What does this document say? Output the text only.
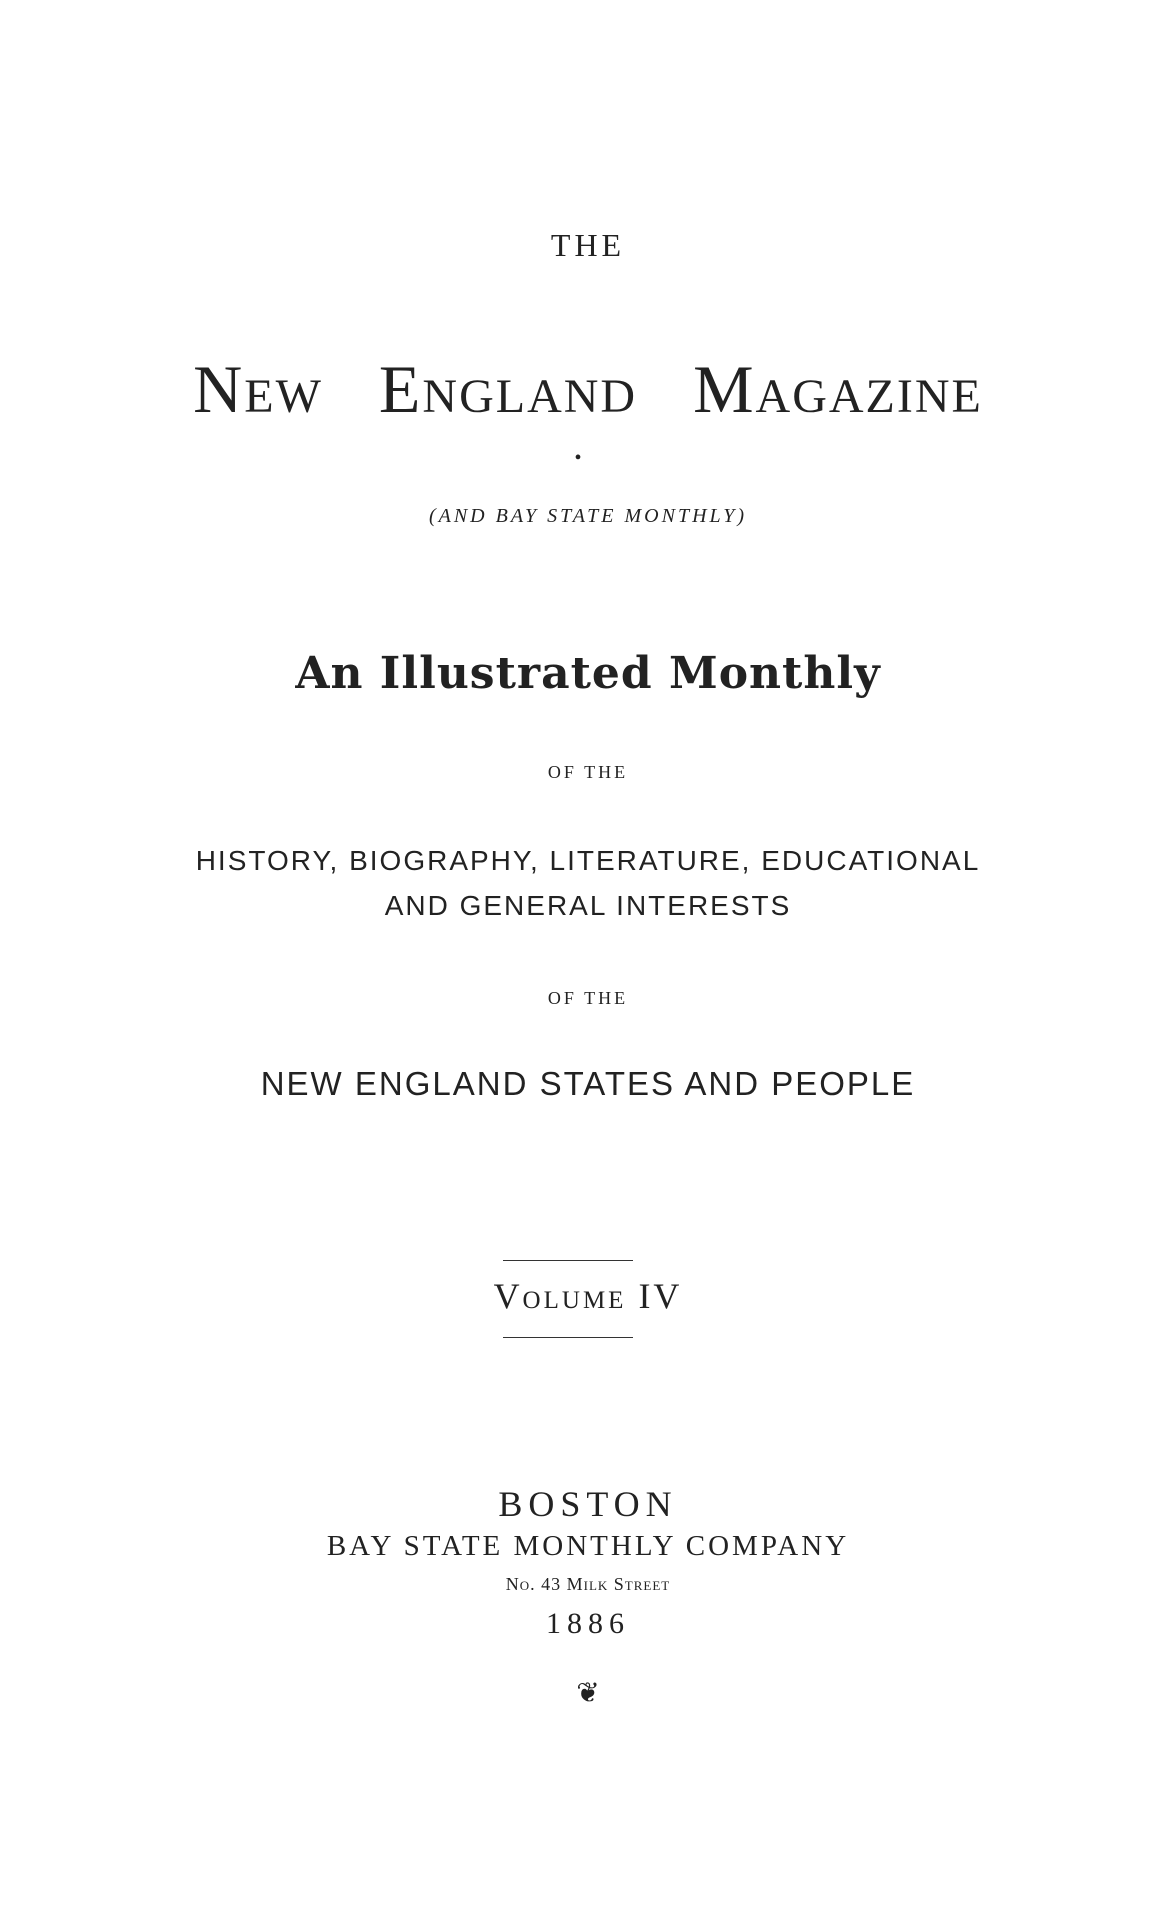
THE
New England Magazine
•
(AND BAY STATE MONTHLY)
An Illustrated Monthly
OF THE
HISTORY, BIOGRAPHY, LITERATURE, EDUCATIONAL
AND GENERAL INTERESTS
OF THE
NEW ENGLAND STATES AND PEOPLE
Volume IV
BOSTON
BAY STATE MONTHLY COMPANY
No. 43 Milk Street
1886
❦
